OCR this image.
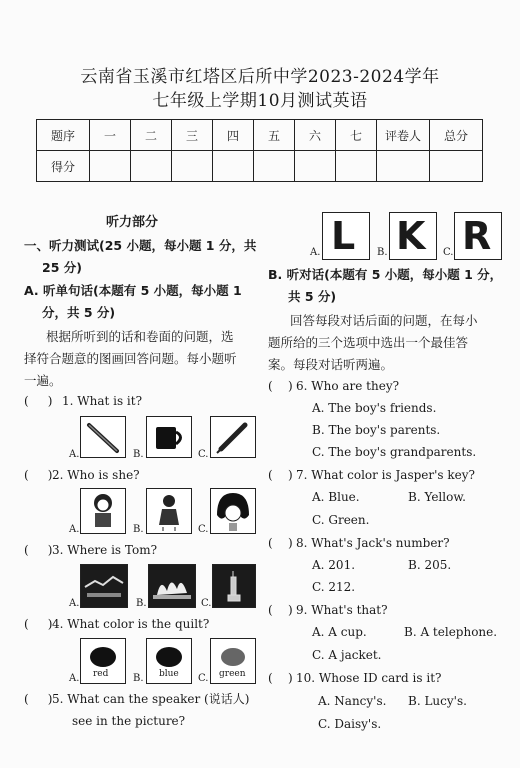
云南省玉溪市红塔区后所中学2023-2024学年
七年级上学期10月测试英语
题序	一	二	三	四	五	六	七	评卷人	总分
得分									
听力部分
一、听力测试(25 小题，每小题 1 分，共
25 分)
A. 听单句话(本题有 5 小题，每小题 1
分，共 5 分)
根据所听到的话和卷面的问题，选
择符合题意的图画回答问题。每小题听
一遍。
( ) 1. What is it?
A.	B.	C.
( ) 2. Who is she?
A.	B.	C.
( ) 3. Where is Tom?
A.	B.	C.
( ) 4. What color is the quilt?
A. red B. blue C. green
( ) 5. What can the speaker (说话人)
see in the picture?
A. L B. K C. R
B. 听对话(本题有 5 小题，每小题 1 分，
共 5 分)
回答每段对话后面的问题，在每小
题所给的三个选项中选出一个最佳答
案。每段对话听两遍。
( ) 6. Who are they?
A. The boy's friends.
B. The boy's parents.
C. The boy's grandparents.
( ) 7. What color is Jasper's key?
A. Blue.	B. Yellow.
C. Green.
( ) 8. What's Jack's number?
A. 201.	B. 205.
C. 212.
( ) 9. What's that?
A. A cup.	B. A telephone.
C. A jacket.
( ) 10. Whose ID card is it?
A. Nancy's. B. Lucy's.
C. Daisy's.
